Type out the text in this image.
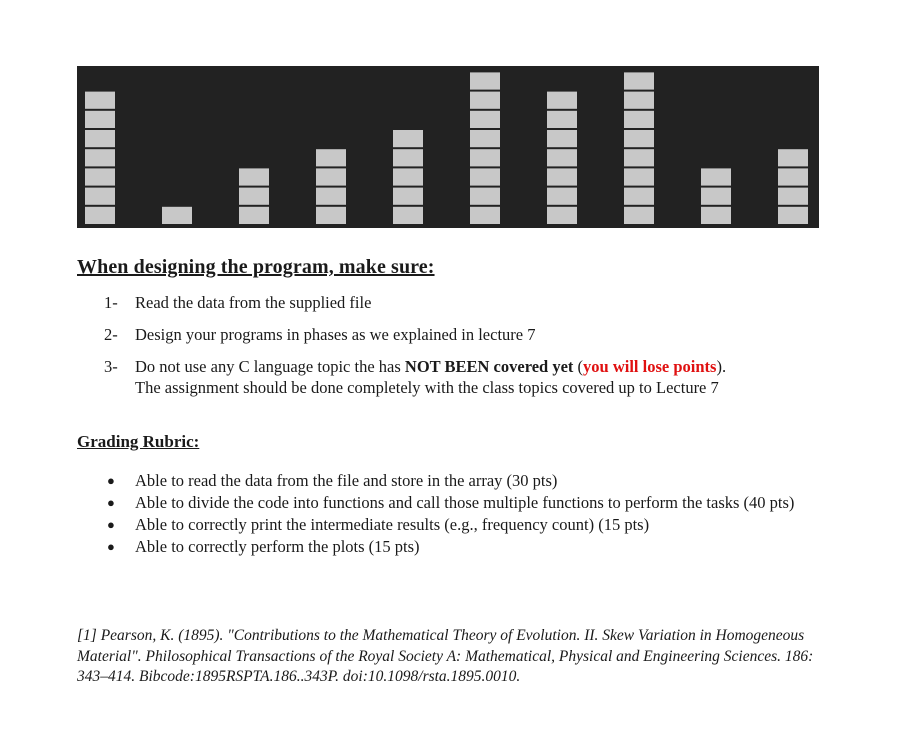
When designing the program, make sure:
1-	Read the data from the supplied file
2-	Design your programs in phases as we explained in lecture 7
3-	Do not use any C language topic the has NOT BEEN covered yet (you will lose points).
The assignment should be done completely with the class topics covered up to Lecture 7
Grading Rubric:
●	Able to read the data from the file and store in the array (30 pts)
●	Able to divide the code into functions and call those multiple functions to perform the tasks (40 pts)
●	Able to correctly print the intermediate results (e.g., frequency count) (15 pts)
●	Able to correctly perform the plots (15 pts)
[1] Pearson, K. (1895). "Contributions to the Mathematical Theory of Evolution. II. Skew Variation in Homogeneous Material". Philosophical Transactions of the Royal Society A: Mathematical, Physical and Engineering Sciences. 186: 343–414. Bibcode:1895RSPTA.186..343P. doi:10.1098/rsta.1895.0010.
